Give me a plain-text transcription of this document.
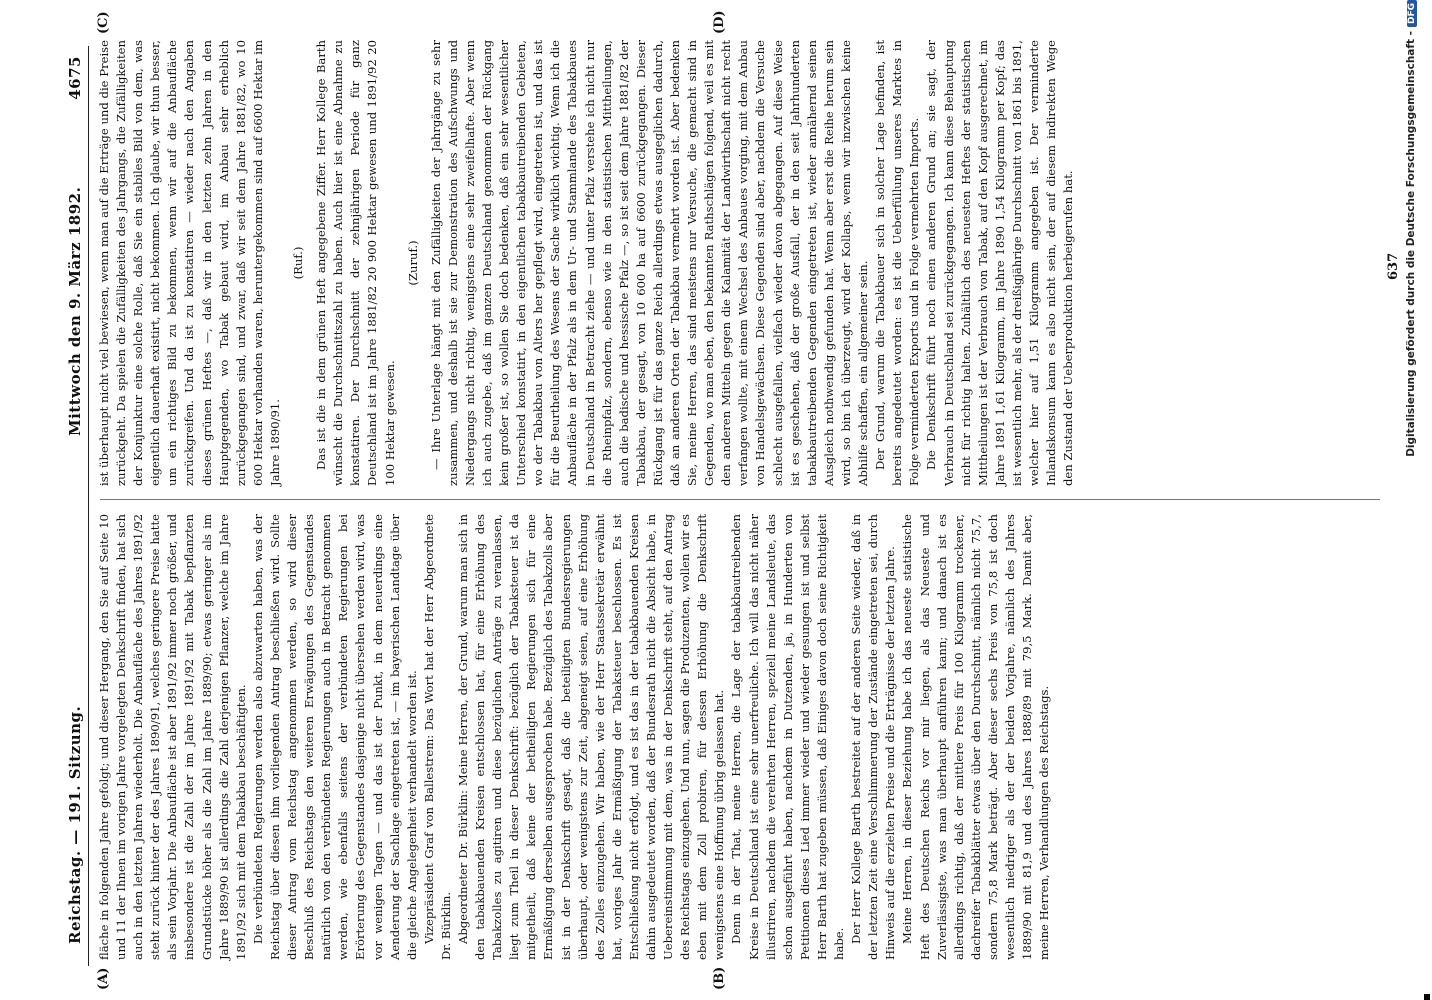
Reichstag. — 191. Sitzung.
Mittwoch den 9. März 1892.
4675
(A)	(B)
(C)	(D)

fläche in folgenden Jahre gefolgt; und dieser Hergang, den Sie auf Seite 10 und 11 der Ihnen im vorigen Jahre vorgelegten Denkschrift finden, hat sich auch in den letzten Jahren wiederholt. Die Anbaufläche des Jahres 1891/92 steht zurück hinter der des Jahres 1890/91, welches geringere Preise hatte als sein Vorjahr. Die Anbaufläche ist aber 1891/92 immer noch größer, und insbesondere ist die Zahl der im Jahre 1891/92 mit Tabak bepflanzten Grundstücke höher als die Zahl im Jahre 1889/90; etwas geringer als im Jahre 1889/90 ist allerdings die Zahl derjenigen Pflanzer, welche im Jahre 1891/92 sich mit dem Tabakbau beschäftigten. Die verbündeten Regierungen werden also abzuwarten haben, was der Reichstag über diesen ihm vorliegenden Antrag beschließen wird. Sollte dieser Antrag vom Reichstag angenommen werden, so wird dieser Beschluß des Reichstags den weiteren Erwägungen des Gegenstandes natürlich von den verbündeten Regierungen auch in Betracht genommen werden, wie ebenfalls seitens der verbündeten Regierungen bei Erörterung des Gegenstandes dasjenige nicht übersehen werden wird, was vor wenigen Tagen — und das ist der Punkt, in dem neuerdings eine Aenderung der Sachlage eingetreten ist, — im bayerischen Landtage über die gleiche Angelegenheit verhandelt worden ist. Vizepräsident Graf von Ballestrem: Das Wort hat der Herr Abgeordnete Dr. Bürklin. Abgeordneter Dr. Bürklin: Meine Herren, der Grund, warum man sich in den tabakbauenden Kreisen entschlossen hat, für eine Erhöhung des Tabakzolles zu agitiren und diese bezüglichen Anträge zu veranlassen, liegt zum Theil in dieser Denkschrift: bezüglich der Tabaksteuer ist da mitgetheilt, daß keine der betheiligten Regierungen sich für eine Ermäßigung derselben ausgesprochen habe. Bezüglich des Tabakzolls aber ist in der Denkschrift gesagt, daß die beteiligten Bundesregierungen überhaupt, oder wenigstens zur Zeit, abgeneigt seien, auf eine Erhöhung des Zolles einzugehen. Wir haben, wie der Herr Staatssekretär erwähnt hat, voriges Jahr die Ermäßigung der Tabaksteuer beschlossen. Es ist Entschließung nicht erfolgt, und es ist das in der tabakbauenden Kreisen dahin ausgedeutet worden, daß der Bundesrath nicht die Absicht habe, in Uebereinstimmung mit dem, was in der Denkschrift steht, auf den Antrag des Reichstags einzugehen. Und nun, sagen die Produzenten, wollen wir es eben mit dem Zoll probiren, für dessen Erhöhung die Denkschrift wenigstens eine Hoffnung übrig gelassen hat. Denn in der That, meine Herren, die Lage der tabakbautreibenden Kreise in Deutschland ist eine sehr unerfreuliche. Ich will das nicht näher illustriren, nachdem die verehrten Herren, speziell meine Landsleute, das schon ausgeführt haben, nachdem in Dutzenden, ja, in Hunderten von Petitionen dieses Lied immer wieder und wieder gesungen ist und selbst Herr Barth hat zugeben müssen, daß Einiges davon doch seine Richtigkeit habe. Der Herr Kollege Barth bestreitet auf der anderen Seite wieder, daß in der letzten Zeit eine Verschlimmerung der Zustände eingetreten sei, durch Hinweis auf die erzielten Preise und die Erträgnisse der letzten Jahre. Meine Herren, in dieser Beziehung habe ich das neueste statistische Heft des Deutschen Reichs vor mir liegen, als das Neueste und Zuverlässigste, was man überhaupt anführen kann; und danach ist es allerdings richtig, daß der mittlere Preis für 100 Kilogramm trockener, dachreifer Tabakblätter etwas über den Durchschnitt, nämlich nicht 75,7, sondern 75,8 Mark beträgt. Aber dieser sechs Preis von 75,8 ist doch wesentlich niedriger als der der beiden Vorjahre, nämlich des Jahres 1889/90 mit 81,9 und des Jahres 1888/89 mit 79,5 Mark. Damit aber, meine Herren, Verhandlungen des Reichstags.

ist überhaupt nicht viel bewiesen, wenn man auf die Erträge und die Preise zurückgeht. Da spielen die Zufälligkeiten des Jahrgangs, die Zufälligkeiten der Konjunktur eine solche Rolle, daß Sie ein stabiles Bild von dem, was eigentlich dauerhaft existirt, nicht bekommen. Ich glaube, wir thun besser, um ein richtiges Bild zu bekommen, wenn wir auf die Anbaufläche zurückgreifen. Und da ist zu konstatiren — wieder nach den Angaben dieses grünen Heftes —, daß wir in den letzten zehn Jahren in den Hauptgegenden, wo Tabak gebaut wird, im Anbau sehr erheblich zurückgegangen sind, und zwar, daß wir seit dem Jahre 1881/82, wo 10 600 Hektar vorhanden waren, heruntergekommen sind auf 6600 Hektar im Jahre 1890/91.

(Ruf.) Das ist die in dem grünen Heft angegebene Ziffer. Herr Kollege Barth wünscht die Durchschnittszahl zu haben. Auch hier ist eine Abnahme zu konstatiren. Der Durchschnitt der zehnjährigen Periode für ganz Deutschland ist im Jahre 1881/82 20 900 Hektar gewesen und 1891/92 20 100 Hektar gewesen.

(Zuruf.) — Ihre Unterlage hängt mit den Zufälligkeiten der Jahrgänge zu sehr zusammen, und deshalb ist sie zur Demonstration des Aufschwungs und Niedergangs nicht richtig, wenigstens eine sehr zweifelhafte. Aber wenn ich auch zugebe, daß im ganzen Deutschland genommen der Rückgang kein großer ist, so wollen Sie doch bedenken, daß ein sehr wesentlicher Unterschied konstatirt, in den eigentlichen tabakbautreibenden Gebieten, wo der Tabakbau von Alters her gepflegt wird, eingetreten ist, und das ist für die Beurtheilung des Wesens der Sache wirklich wichtig. Wenn ich die Anbaufläche in der Pfalz als in dem Ur- und Stammlande des Tabakbaues in Deutschland in Betracht ziehe — und unter Pfalz verstehe ich nicht nur die Rheinpfalz, sondern, ebenso wie in den statistischen Mittheilungen, auch die badische und hessische Pfalz —, so ist seit dem Jahre 1881/82 der Tabakbau, der gesagt, von 10 600 ha auf 6600 zurückgegangen. Dieser Rückgang ist für das ganze Reich allerdings etwas ausgeglichen dadurch, daß an anderen Orten der Tabakbau vermehrt worden ist. Aber bedenken Sie, meine Herren, das sind meistens nur Versuche, die gemacht sind in Gegenden, wo man eben, den bekannten Rathschlägen folgend, weil es mit den anderen Mitteln gegen die Kalamität der Landwirthschaft nicht recht verfangen wollte, mit einem Wechsel des Anbaues vorging, mit dem Anbau von Handelsgewächsen. Diese Gegenden sind aber, nachdem die Versuche schlecht ausgefallen, vielfach wieder davon abgegangen. Auf diese Weise ist es geschehen, daß der große Ausfall, der in den seit Jahrhunderten tabakbautreibenden Gegenden eingetreten ist, wieder annähernd seinen Ausgleich nothwendig gefunden hat. Wenn aber erst die Reihe herum sein wird, so bin ich überzeugt, wird der Kollaps, wenn wir inzwischen keine Abhilfe schaffen, ein allgemeiner sein. Der Grund, warum die Tabakbauer sich in solcher Lage befinden, ist bereits angedeutet worden: es ist die Ueberfüllung unseres Marktes in Folge verminderten Exports und in Folge vermehrten Imports. Die Denkschrift führt noch einen anderen Grund an; sie sagt, der Verbrauch in Deutschland sei zurückgegangen. Ich kann diese Behauptung nicht für richtig halten. Zuhältlich des neuesten Heftes der statistischen Mittheilungen ist der Verbrauch von Tabak, auf den Kopf ausgerechnet, im Jahre 1891 1,61 Kilogramm, im Jahre 1890 1,54 Kilogramm per Kopf; das ist wesentlich mehr, als der dreißigjährige Durchschnitt von 1861 bis 1891, welcher hier auf 1,51 Kilogramm angegeben ist. Der verminderte Inlandskonsum kann es also nicht sein, der auf diesem indirekten Wege den Zustand der Ueberproduktion herbeigerufen hat.	637 Digitalisierung gefördert durch die Deutsche Forschungsgemeinschaft -DFG
